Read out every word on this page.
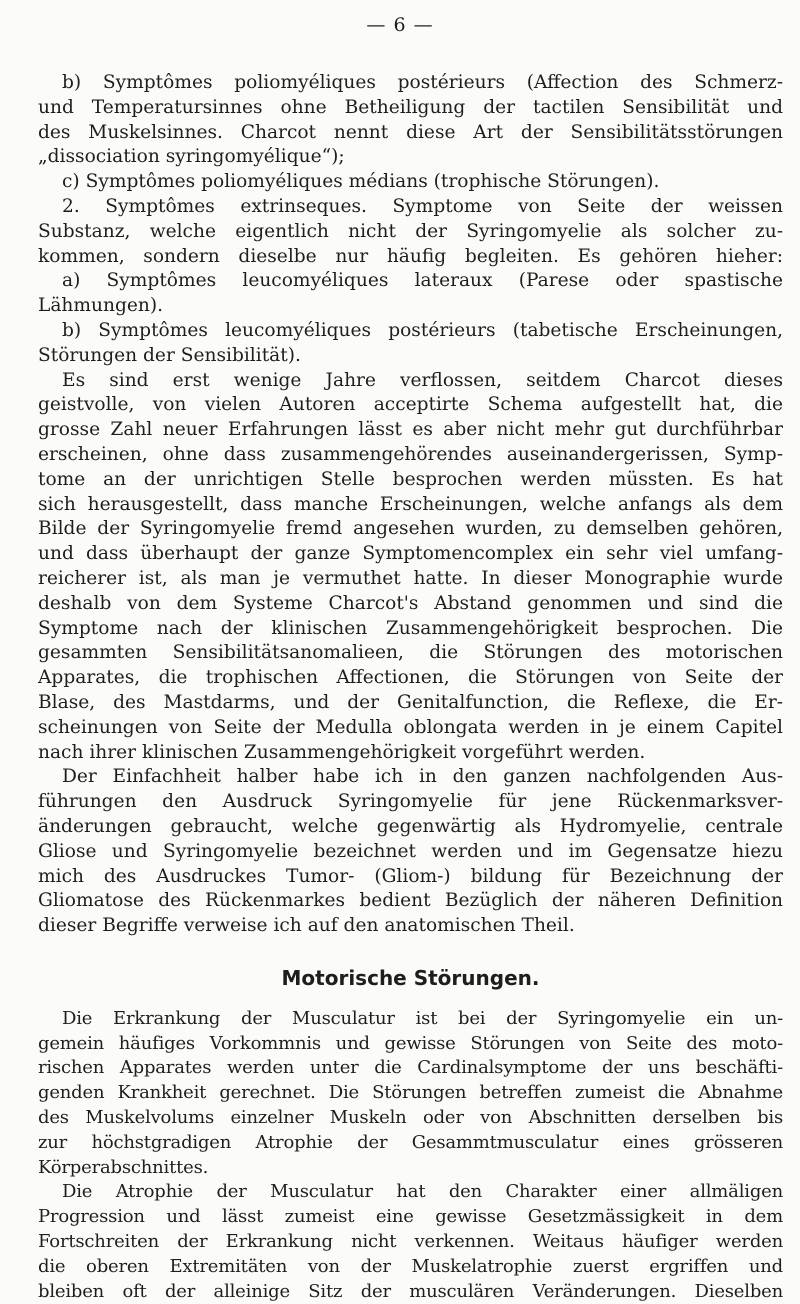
— 6 —
b) Symptômes poliomyéliques postérieurs (Affection des Schmerz-
und Temperatursinnes ohne Betheiligung der tactilen Sensibilität und
des Muskelsinnes. Charcot nennt diese Art der Sensibilitätsstörungen
„dissociation syringomyélique“);
c) Symptômes poliomyéliques médians (trophische Störungen).
2. Symptômes extrinseques. Symptome von Seite der weissen
Substanz, welche eigentlich nicht der Syringomyelie als solcher zu-
kommen, sondern dieselbe nur häufig begleiten. Es gehören hieher:
a) Symptômes leucomyéliques lateraux (Parese oder spastische
Lähmungen).
b) Symptômes leucomyéliques postérieurs (tabetische Erscheinungen,
Störungen der Sensibilität).
Es sind erst wenige Jahre verflossen, seitdem Charcot dieses
geistvolle, von vielen Autoren acceptirte Schema aufgestellt hat, die
grosse Zahl neuer Erfahrungen lässt es aber nicht mehr gut durchführbar
erscheinen, ohne dass zusammengehörendes auseinandergerissen, Symp-
tome an der unrichtigen Stelle besprochen werden müssten. Es hat
sich herausgestellt, dass manche Erscheinungen, welche anfangs als dem
Bilde der Syringomyelie fremd angesehen wurden, zu demselben gehören,
und dass überhaupt der ganze Symptomencomplex ein sehr viel umfang-
reicherer ist, als man je vermuthet hatte. In dieser Monographie wurde
deshalb von dem Systeme Charcot's Abstand genommen und sind die
Symptome nach der klinischen Zusammengehörigkeit besprochen. Die
gesammten Sensibilitätsanomalieen, die Störungen des motorischen
Apparates, die trophischen Affectionen, die Störungen von Seite der
Blase, des Mastdarms, und der Genitalfunction, die Reflexe, die Er-
scheinungen von Seite der Medulla oblongata werden in je einem Capitel
nach ihrer klinischen Zusammengehörigkeit vorgeführt werden.
Der Einfachheit halber habe ich in den ganzen nachfolgenden Aus-
führungen den Ausdruck Syringomyelie für jene Rückenmarksver-
änderungen gebraucht, welche gegenwärtig als Hydromyelie, centrale
Gliose und Syringomyelie bezeichnet werden und im Gegensatze hiezu
mich des Ausdruckes Tumor- (Gliom-) bildung für Bezeichnung der
Gliomatose des Rückenmarkes bedient Bezüglich der näheren Definition
dieser Begriffe verweise ich auf den anatomischen Theil.
Motorische Störungen.
Die Erkrankung der Musculatur ist bei der Syringomyelie ein un-
gemein häufiges Vorkommnis und gewisse Störungen von Seite des moto-
rischen Apparates werden unter die Cardinalsymptome der uns beschäfti-
genden Krankheit gerechnet. Die Störungen betreffen zumeist die Abnahme
des Muskelvolums einzelner Muskeln oder von Abschnitten derselben bis
zur höchstgradigen Atrophie der Gesammtmusculatur eines grösseren
Körperabschnittes.
Die Atrophie der Musculatur hat den Charakter einer allmäligen
Progression und lässt zumeist eine gewisse Gesetzmässigkeit in dem
Fortschreiten der Erkrankung nicht verkennen. Weitaus häufiger werden
die oberen Extremitäten von der Muskelatrophie zuerst ergriffen und
bleiben oft der alleinige Sitz der musculären Veränderungen. Dieselben
